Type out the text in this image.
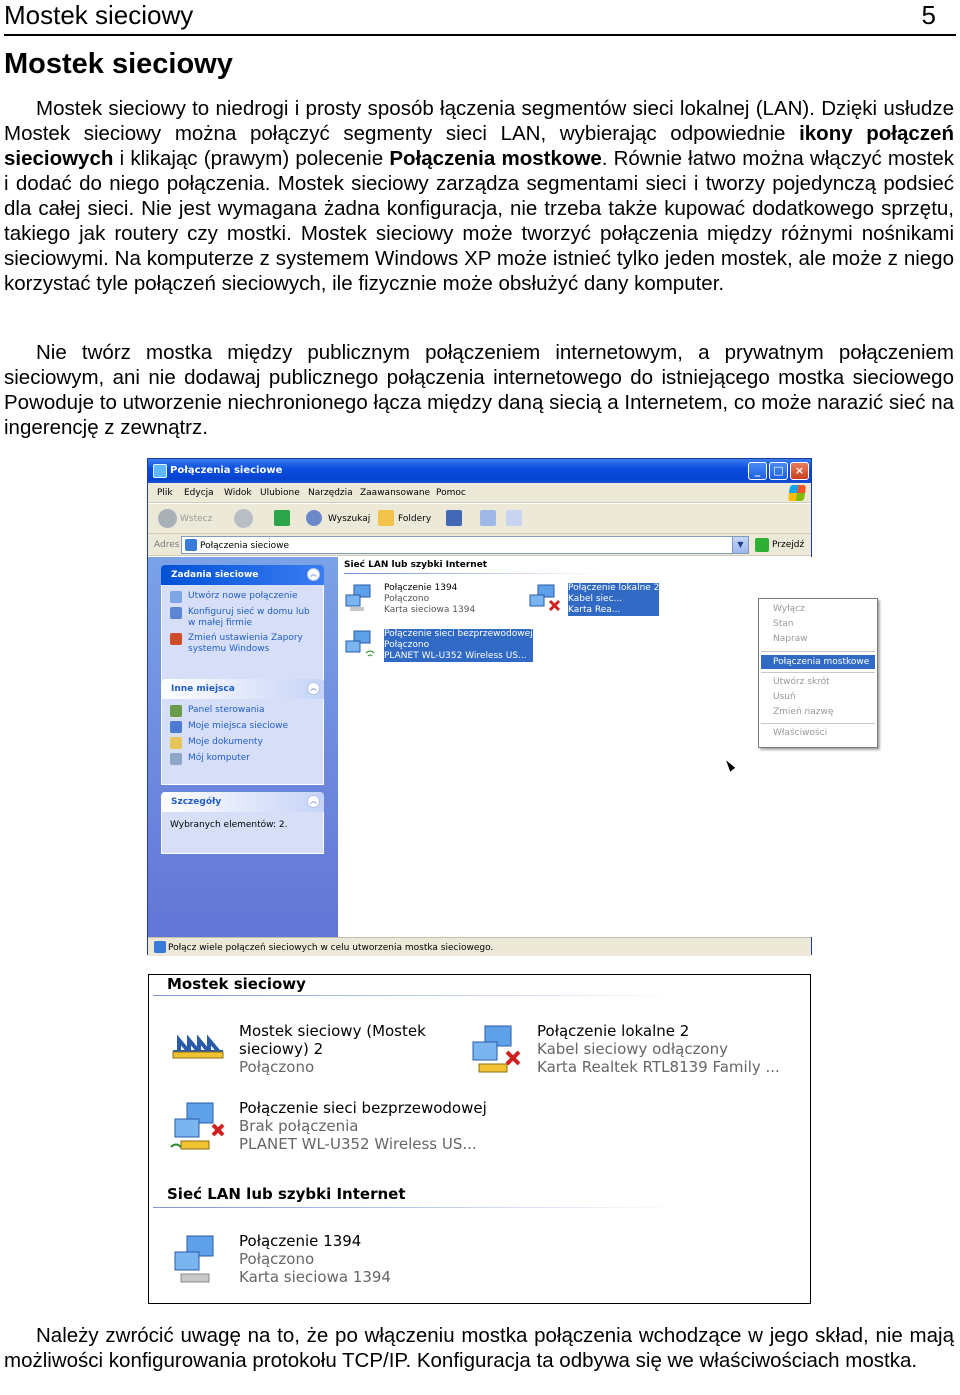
Mostek sieciowy	5
Mostek sieciowy
Mostek sieciowy to niedrogi i prosty sposób łączenia segmentów sieci lokalnej (LAN). Dzięki usłudze Mostek sieciowy można połączyć segmenty sieci LAN, wybierając odpowiednie ikony połączeń sieciowych i klikając (prawym) polecenie Połączenia mostkowe. Równie łatwo można włączyć mostek i dodać do niego połączenia. Mostek sieciowy zarządza segmentami sieci i tworzy pojedynczą podsieć dla całej sieci. Nie jest wymagana żadna konfiguracja, nie trzeba także kupować dodatkowego sprzętu, takiego jak routery czy mostki. Mostek sieciowy może tworzyć połączenia między różnymi nośnikami sieciowymi. Na komputerze z systemem Windows XP może istnieć tylko jeden mostek, ale może z niego korzystać tyle połączeń sieciowych, ile fizycznie może obsłużyć dany komputer.
Nie twórz mostka między publicznym połączeniem internetowym, a prywatnym połączeniem sieciowym, ani nie dodawaj publicznego połączenia internetowego do istniejącego mostka sieciowego Powoduje to utworzenie niechronionego łącza między daną siecią a Internetem, co może narazić sieć na ingerencję z zewnątrz.
Połączenia sieciowe	_	□	×
Plik Edycja Widok Ulubione Narzędzia Zaawansowane Pomoc
Wstecz	Wyszukaj	Foldery
Adres Połączenia sieciowe	▼	Przejdź
Zadania sieciowe	︽
Utwórz nowe połączenie
Konfiguruj sieć w domu lub w małej firmie
Zmień ustawienia Zapory systemu Windows
Inne miejsca	︽
Panel sterowania
Moje miejsca sieciowe
Moje dokumenty
Mój komputer
Szczegóły	︽
Wybranych elementów: 2.
Sieć LAN lub szybki Internet
Połączenie 1394
Połączono
Karta sieciowa 1394
Połączenie sieci bezprzewodowej
Połączono
PLANET WL-U352 Wireless US...
Połączenie lokalne 2
Kabel siec...
Karta Rea...	Wyłącz
Stan
Napraw
Połączenia mostkowe
Utwórz skrót
Usuń
Zmień nazwę
Właściwości
Połącz wiele połączeń sieciowych w celu utworzenia mostka sieciowego.
Mostek sieciowy
Mostek sieciowy (Mostek
sieciowy) 2
Połączono
Połączenie lokalne 2
Kabel sieciowy odłączony
Karta Realtek RTL8139 Family ...
Połączenie sieci bezprzewodowej
Brak połączenia
PLANET WL-U352 Wireless US...
Sieć LAN lub szybki Internet
Połączenie 1394
Połączono
Karta sieciowa 1394
Należy zwrócić uwagę na to, że po włączeniu mostka połączenia wchodzące w jego skład, nie mają możliwości konfigurowania protokołu TCP/IP. Konfiguracja ta odbywa się we właściwościach mostka.
